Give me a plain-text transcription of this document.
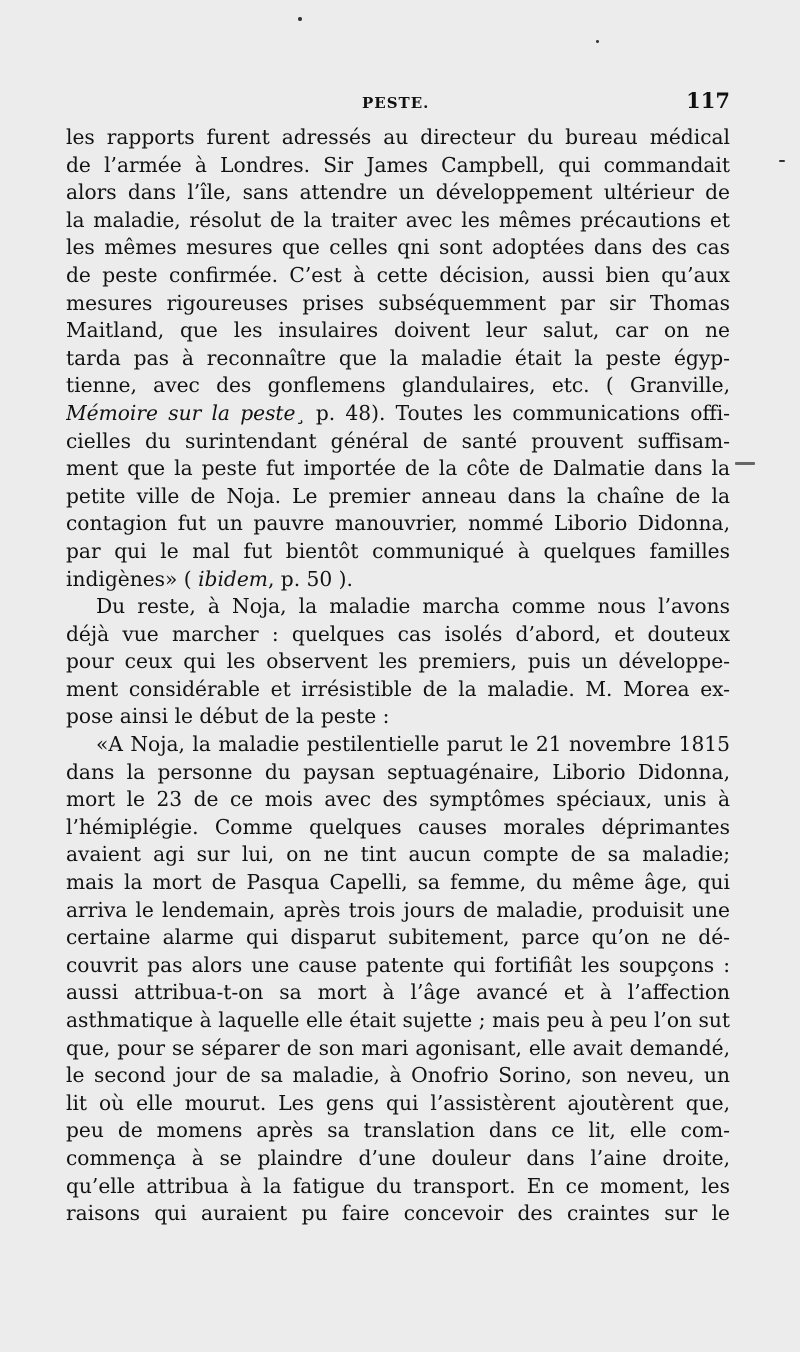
PESTE.	117
les rapports furent adressés au directeur du bureau médical
de l’armée à Londres. Sir James Campbell, qui commandait
alors dans l’île, sans attendre un développement ultérieur de
la maladie, résolut de la traiter avec les mêmes précautions et
les mêmes mesures que celles qni sont adoptées dans des cas
de peste confirmée. C’est à cette décision, aussi bien qu’aux
mesures rigoureuses prises subséquemment par sir Thomas
Maitland, que les insulaires doivent leur salut, car on ne
tarda pas à reconnaître que la maladie était la peste égyp-
tienne, avec des gonflemens glandulaires, etc. ( Granville,
Mémoire sur la peste¸ p. 48). Toutes les communications offi-
cielles du surintendant général de santé prouvent suffisam-
ment que la peste fut importée de la côte de Dalmatie dans la
petite ville de Noja. Le premier anneau dans la chaîne de la
contagion fut un pauvre manouvrier, nommé Liborio Didonna,
par qui le mal fut bientôt communiqué à quelques familles
indigènes» ( ibidem, p. 50 ).
Du reste, à Noja, la maladie marcha comme nous l’avons
déjà vue marcher : quelques cas isolés d’abord, et douteux
pour ceux qui les observent les premiers, puis un développe-
ment considérable et irrésistible de la maladie. M. Morea ex-
pose ainsi le début de la peste :
«A Noja, la maladie pestilentielle parut le 21 novembre 1815
dans la personne du paysan septuagénaire, Liborio Didonna,
mort le 23 de ce mois avec des symptômes spéciaux, unis à
l’hémiplégie. Comme quelques causes morales déprimantes
avaient agi sur lui, on ne tint aucun compte de sa maladie;
mais la mort de Pasqua Capelli, sa femme, du même âge, qui
arriva le lendemain, après trois jours de maladie, produisit une
certaine alarme qui disparut subitement, parce qu’on ne dé-
couvrit pas alors une cause patente qui fortifiât les soupçons :
aussi attribua-t-on sa mort à l’âge avancé et à l’affection
asthmatique à laquelle elle était sujette ; mais peu à peu l’on sut
que, pour se séparer de son mari agonisant, elle avait demandé,
le second jour de sa maladie, à Onofrio Sorino, son neveu, un
lit où elle mourut. Les gens qui l’assistèrent ajoutèrent que,
peu de momens après sa translation dans ce lit, elle com-
commença à se plaindre d’une douleur dans l’aine droite,
qu’elle attribua à la fatigue du transport. En ce moment, les
raisons qui auraient pu faire concevoir des craintes sur le
